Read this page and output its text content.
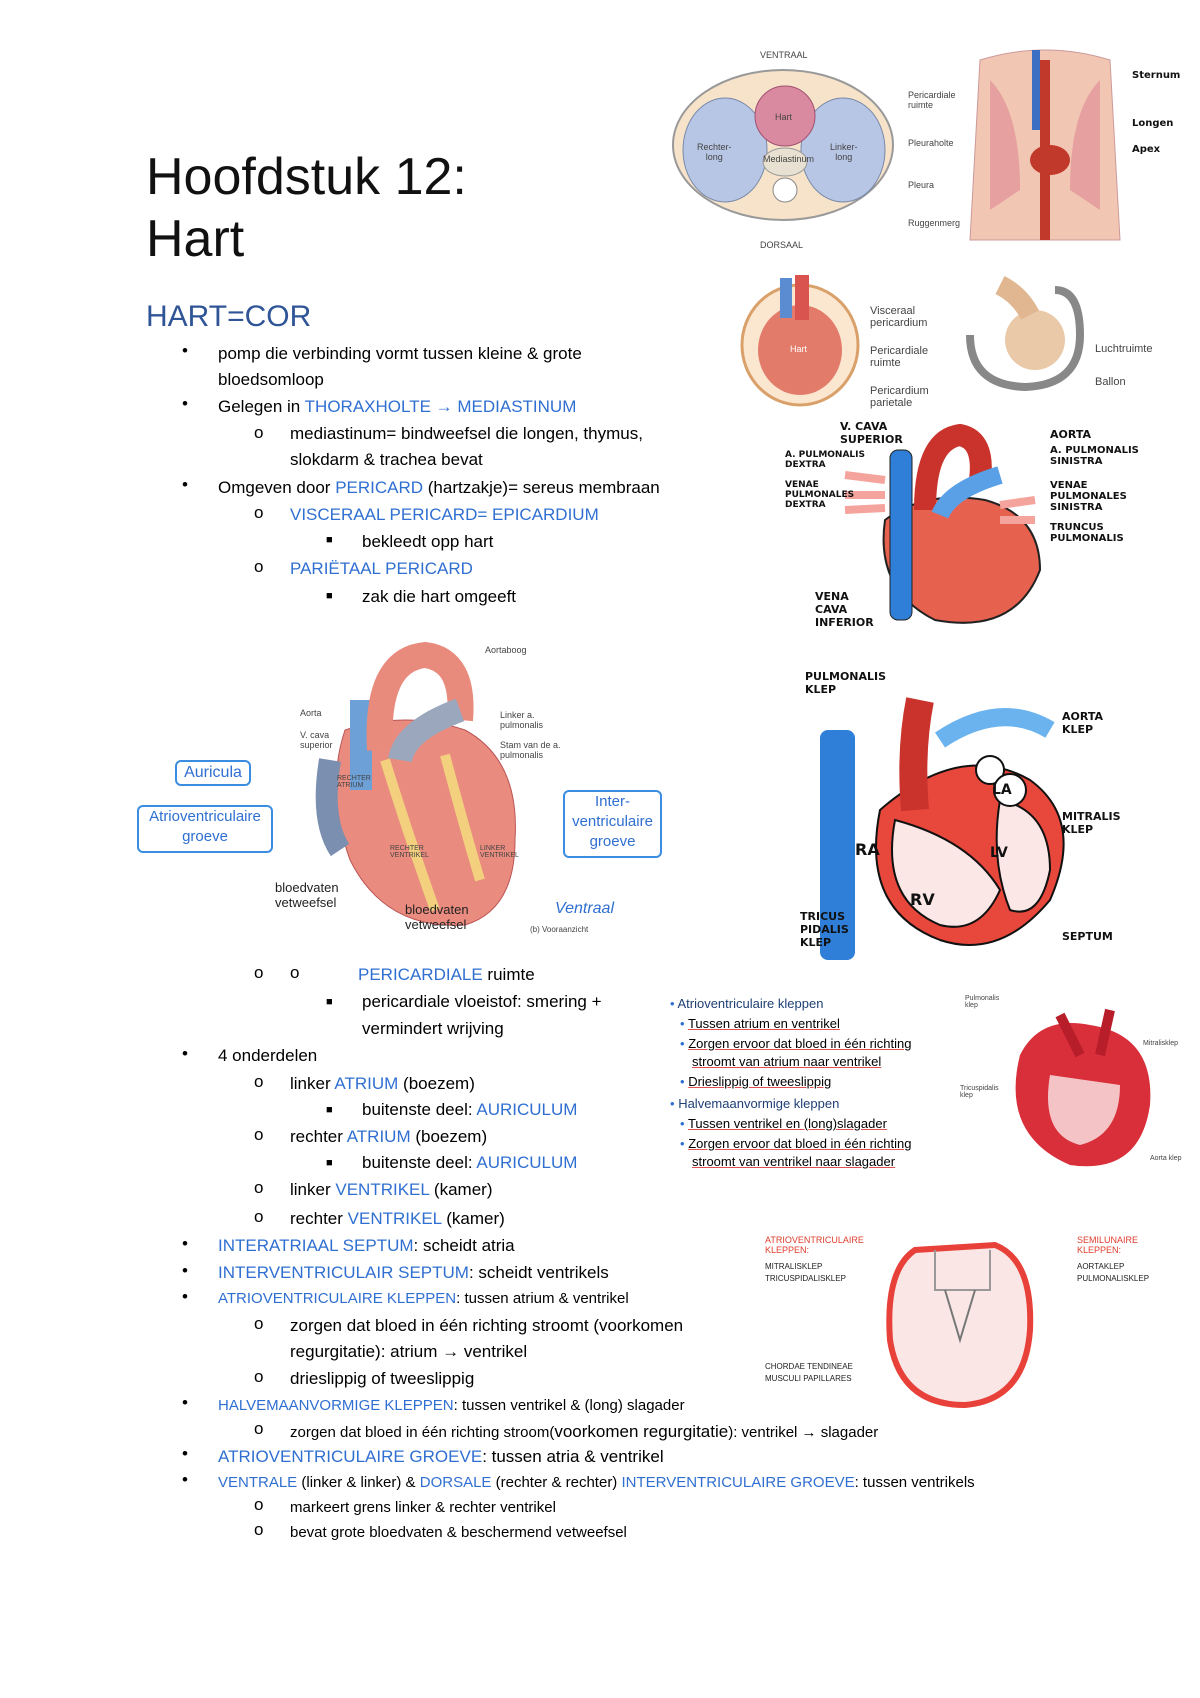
Hoofdstuk 12:
Hart
HART=COR
• pomp die verbinding vormt tussen kleine & grote
bloedsomloop
• Gelegen in THORAXHOLTE → MEDIASTINUM
o mediastinum= bindweefsel die longen, thymus,
slokdarm & trachea bevat
• Omgeven door PERICARD (hartzakje)= sereus membraan
o VISCERAAL PERICARD= EPICARDIUM
■ bekleedt opp hart
o PARIËTAAL PERICARD
■ zak die hart omgeeft
o o	PERICARDIALE ruimte
■ pericardiale vloeistof: smering +
vermindert wrijving
• 4 onderdelen
o linker ATRIUM (boezem)
■ buitenste deel: AURICULUM
o rechter ATRIUM (boezem)
■ buitenste deel: AURICULUM
o linker VENTRIKEL (kamer)
o rechter VENTRIKEL (kamer)
• INTERATRIAAL SEPTUM: scheidt atria
• INTERVENTRICULAIR SEPTUM: scheidt ventrikels
• ATRIOVENTRICULAIRE KLEPPEN: tussen atrium & ventrikel
o zorgen dat bloed in één richting stroomt (voorkomen
regurgitatie): atrium → ventrikel
o drieslippig of tweeslippig
• HALVEMAANVORMIGE KLEPPEN: tussen ventrikel & (long) slagader
o zorgen dat bloed in één richting stroom(voorkomen regurgitatie): ventrikel → slagader
• ATRIOVENTRICULAIRE GROEVE: tussen atria & ventrikel
• VENTRALE (linker & linker) & DORSALE (rechter & rechter) INTERVENTRICULAIRE GROEVE: tussen ventrikels
o markeert grens linker & rechter ventrikel
o bevat grote bloedvaten & beschermend vetweefsel
VENTRAAL
Hart
Mediastinum
Rechter-
long
Linker-
long
Pericardiale
ruimte
Pleuraholte
Pleura
Ruggenmerg
DORSAAL
Sternum
Longen
Apex
Hart
Visceraal
pericardium
Pericardiale
ruimte
Pericardium
parietale
Luchtruimte
Ballon
V. CAVA
SUPERIOR
A. PULMONALIS
DEXTRA
VENAE
PULMONALES
DEXTRA
VENA
CAVA
INFERIOR
AORTA
A. PULMONALIS
SINISTRA
VENAE
PULMONALES
SINISTRA
TRUNCUS
PULMONALIS
Auricula
Atrioventriculaire
groeve
Inter-
ventriculaire
groeve
bloedvaten
vetweefsel	bloedvaten
vetweefsel
Ventraal
(b) Vooraanzicht
Aortaboog
Aorta
V. cava
superior
Linker a.
pulmonalis
Stam van de a.
pulmonalis
RECHTER
ATRIUM
RECHTER
VENTRIKEL
LINKER
VENTRIKEL
PULMONALIS
KLEP
AORTA
KLEP
LA
RA	LV
RV
MITRALIS
KLEP
TRICUS
PIDALIS
KLEP	SEPTUM
• Atrioventriculaire kleppen
• Tussen atrium en ventrikel
• Zorgen ervoor dat bloed in één richting
stroomt van atrium naar ventrikel
• Drieslippig of tweeslippig
• Halvemaanvormige kleppen
• Tussen ventrikel en (long)slagader
• Zorgen ervoor dat bloed in één richting
stroomt van ventrikel naar slagader
Pulmonalis
klep
Mitralisklep
Tricuspidalis
klep
Aorta klep
ATRIOVENTRICULAIRE
KLEPPEN:
MITRALISKLEP
TRICUSPIDALISKLEP
SEMILUNAIRE
KLEPPEN:
AORTAKLEP
PULMONALISKLEP
CHORDAE TENDINEAE
MUSCULI PAPILLARES
